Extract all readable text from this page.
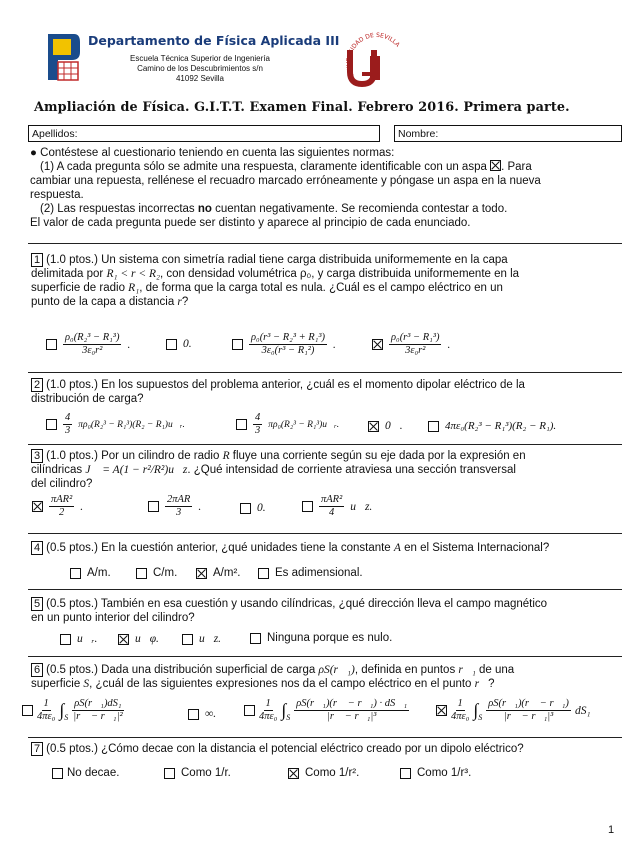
Departamento de Física Aplicada III
Escuela Técnica Superior de Ingeniería
Camino de los Descubrimientos s/n
41092 Sevilla	UNIVERSIDAD DE SEVILLA
Ampliación de Física. G.I.T.T. Examen Final. Febrero 2016. Primera parte.
Apellidos:	Nombre:
● Contéstese al cuestionario teniendo en cuenta las siguientes normas:
(1) A cada pregunta sólo se admite una respuesta, claramente identificable con un aspa . Para
cambiar una repuesta, rellénese el recuadro marcado erróneamente y póngase un aspa en la nueva
respuesta.
(2) Las respuestas incorrectas no cuentan negativamente. Se recomienda contestar a todo.
El valor de cada pregunta puede ser distinto y aparece al principio de cada enunciado.
1 (1.0 ptos.) Un sistema con simetría radial tiene carga distribuida uniformemente en la capa
delimitada por R₁ < r < R₂, con densidad volumétrica ρ₀, y carga distribuida uniformemente en la
superficie de radio R₁, de forma que la carga total es nula. ¿Cuál es el campo eléctrico en un
punto de la capa a distancia r?
$\frac{\text{ρ₀(R₂³ − R₁³)}}{\text{3ε₀r²}}$ .	0.	$\frac{\text{ρ₀(r³ − R₂³ + R₁³)}}{\text{3ε₀(r³ − R₁²)}}$ .	$\frac{\text{ρ₀(r³ − R₁³)}}{\text{3ε₀r²}}$ .
2 (1.0 ptos.) En los supuestos del problema anterior, ¿cuál es el momento dipolar eléctrico de la
distribución de carga?
$\frac{4}{3} \pi\rho_0(R_2^3 - R_1^3)(R_2$ − R₁)u⃗ᵣ.	$\frac{4}{3} \pi\rho_0(R_2^3$ − R₁³)u⃗ᵣ.	0⃗.	4πε₀(R₂³ − R₁³)(R₂ − R₁).
3 (1.0 ptos.) Por un cilindro de radio R fluye una corriente según su eje dada por la expresión en
cilíndricas J⃗ = A(1 − r²/R²)u⃗z. ¿Qué intensidad de corriente atraviesa una sección transversal
del cilindro?
$\frac{\text{πAR²}}{2}$ .	$\frac{\text{2πAR}}{3}$ .	0.	$\frac{\text{πAR²}}{4}$ u⃗z.
4 (0.5 ptos.) En la cuestión anterior, ¿qué unidades tiene la constante A en el Sistema Internacional?
A/m.	C/m.	A/m².	Es adimensional.
5 (0.5 ptos.) También en esa cuestión y usando cilíndricas, ¿qué dirección lleva el campo magnético
en un punto interior del cilindro?
u⃗ᵣ.	u⃗φ.	u⃗z.	Ninguna porque es nulo.
6 (0.5 ptos.) Dada una distribución superficial de carga ρS(r⃗₁), definida en puntos r⃗₁ de una
superficie S, ¿cuál de las siguientes expresiones nos da el campo eléctrico en el punto r⃗?
$\frac{1}{\text{4πε₀}}$ ∫ S $\frac{\text{ρS(r⃗₁)dS₁}}{\text{|r⃗ − r⃗₁|²}}$	∞.	$\frac{1}{\text{4πε₀}}$ ∫ S $\frac{\text{ρS(r⃗₁)(r⃗ − r⃗₁) · dS⃗₁}}{\text{|r⃗ − r⃗₁|³}}$	$\frac{1}{\text{4πε₀}}$ ∫ S $\frac{\text{ρS(r⃗₁)(r⃗ − r⃗₁)}}{\text{|r⃗ − r⃗₁|³}} dS_1$
7 (0.5 ptos.) ¿Cómo decae con la distancia el potencial eléctrico creado por un dipolo eléctrico?
No decae.	Como 1/r.	Como 1/r².	Como 1/r³.
1
